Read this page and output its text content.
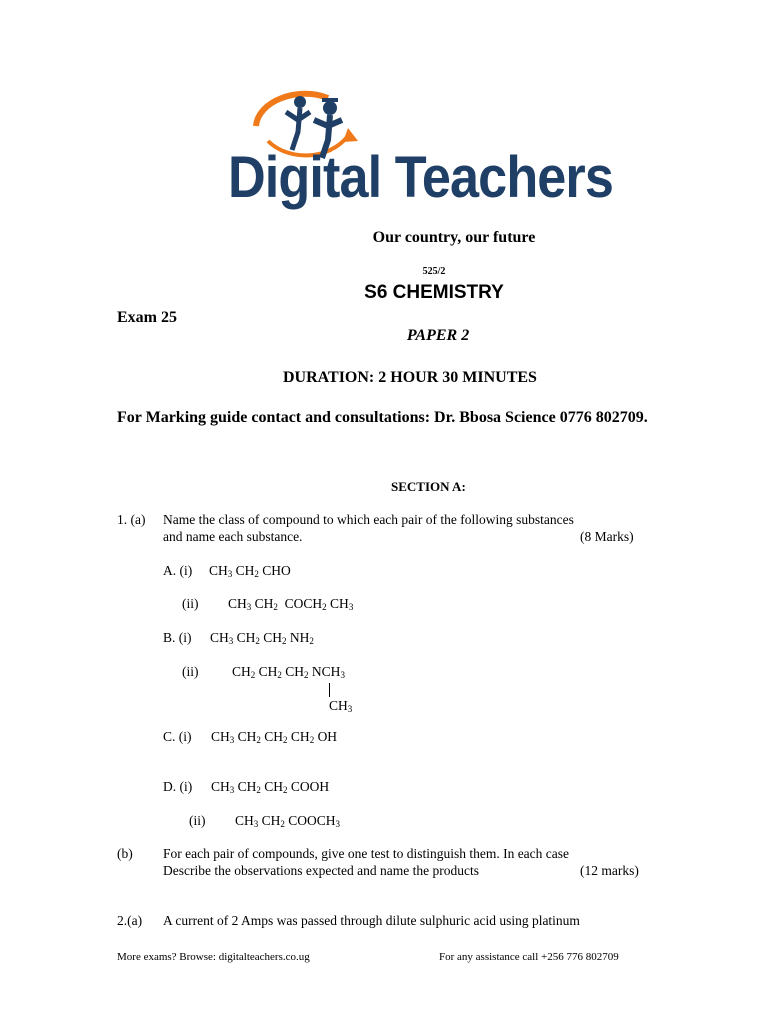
Digital Teachers
Our country, our future
525/2
S6 CHEMISTRY
Exam 25
PAPER 2
DURATION: 2 HOUR 30 MINUTES
For Marking guide contact and consultations: Dr. Bbosa Science 0776 802709.
SECTION A:
1. (a) Name the class of compound to which each pair of the following substances
and name each substance.	(8 Marks)
A. (i) $CH_3$ $CH_2$ CHO
(ii) $CH_3$ $CH_2$  $COCH_2$ $CH_3$
B. (i) $CH_3$ $CH_2$ $CH_2$ $NH_2$
(ii) $CH_2$ $CH_2$ $CH_2$ $NCH_3$
$CH_3$
C. (i) $CH_3$ $CH_2$ $CH_2$ $CH_2$ OH
D. (i) $CH_3$ $CH_2$ $CH_2$ COOH
(ii) $CH_3$ $CH_2$ $COOCH_3$
(b) For each pair of compounds, give one test to distinguish them. In each case
Describe the observations expected and name the products	(12 marks)
2.(a) A current of 2 Amps was passed through dilute sulphuric acid using platinum
More exams? Browse: digitalteachers.co.ug	For any assistance call +256 776 802709
